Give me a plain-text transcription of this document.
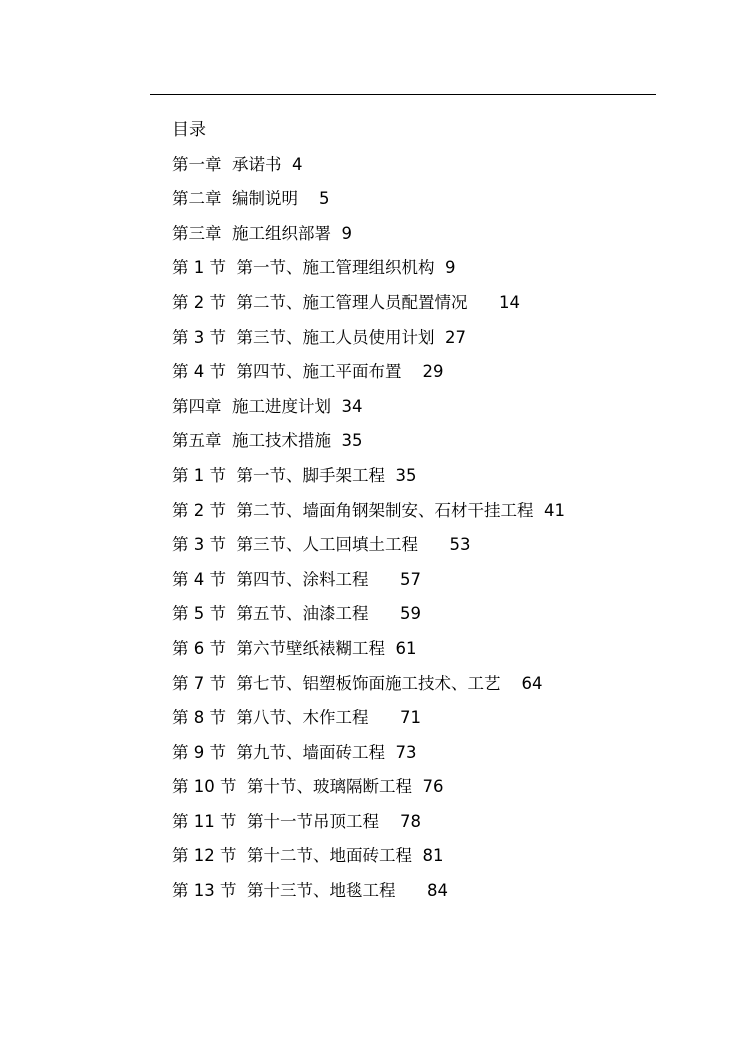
目录
第一章  承诺书  4
第二章  编制说明    5
第三章  施工组织部署  9
第 1 节  第一节、施工管理组织机构  9
第 2 节  第二节、施工管理人员配置情况      14
第 3 节  第三节、施工人员使用计划  27
第 4 节  第四节、施工平面布置    29
第四章  施工进度计划  34
第五章  施工技术措施  35
第 1 节  第一节、脚手架工程  35
第 2 节  第二节、墙面角钢架制安、石材干挂工程  41
第 3 节  第三节、人工回填土工程      53
第 4 节  第四节、涂料工程      57
第 5 节  第五节、油漆工程      59
第 6 节  第六节壁纸裱糊工程  61
第 7 节  第七节、铝塑板饰面施工技术、工艺    64
第 8 节  第八节、木作工程      71
第 9 节  第九节、墙面砖工程  73
第 10 节  第十节、玻璃隔断工程  76
第 11 节  第十一节吊顶工程    78
第 12 节  第十二节、地面砖工程  81
第 13 节  第十三节、地毯工程      84
